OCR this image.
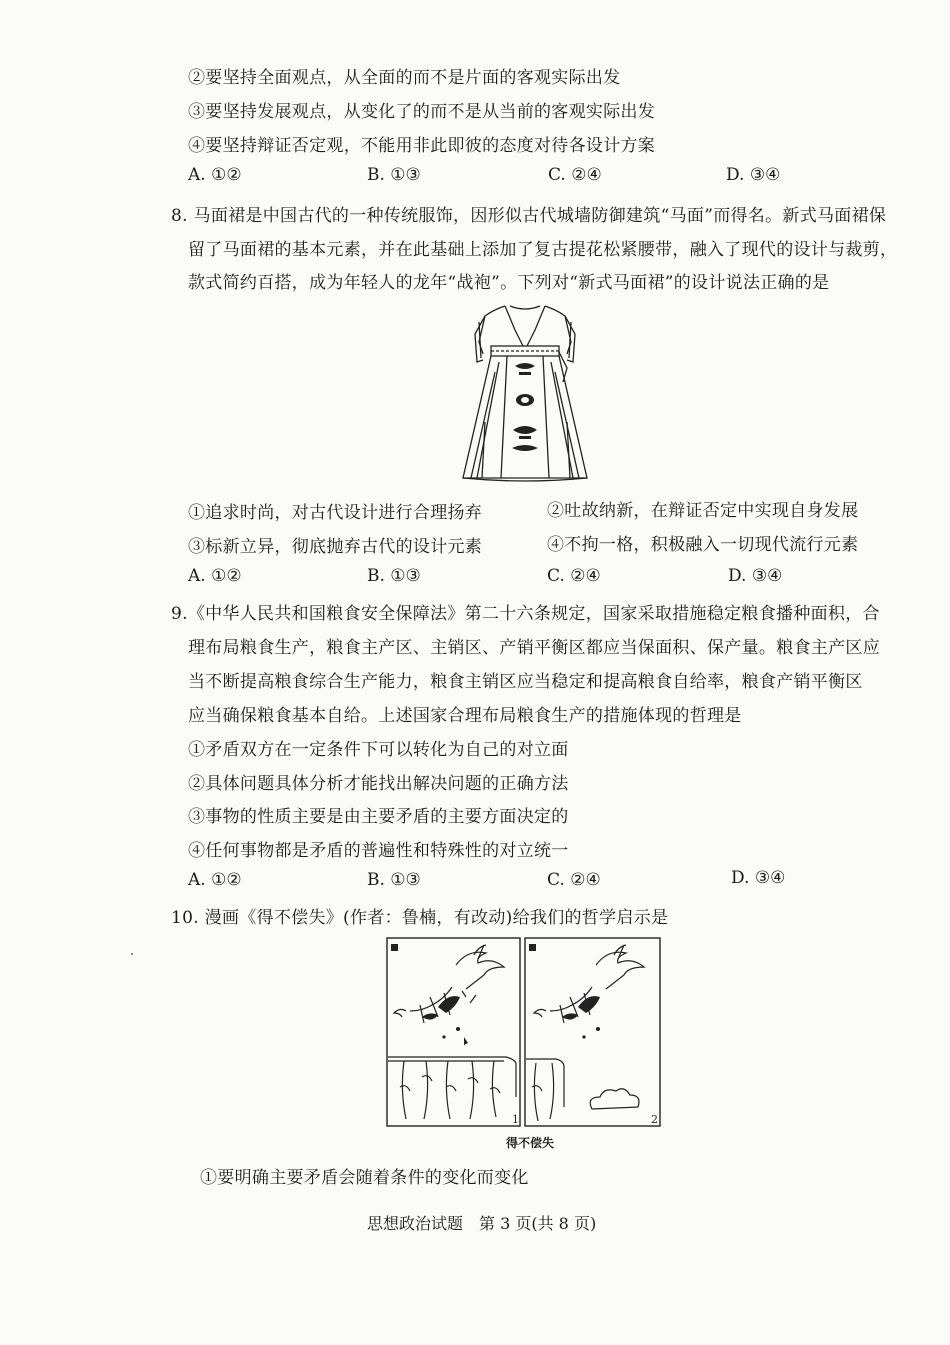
②要坚持全面观点，从全面的而不是片面的客观实际出发
③要坚持发展观点，从变化了的而不是从当前的客观实际出发
④要坚持辩证否定观，不能用非此即彼的态度对待各设计方案
A. ①②	B. ①③	C. ②④	D. ③④
8. 马面裙是中国古代的一种传统服饰，因形似古代城墙防御建筑“马面”而得名。新式马面裙保
留了马面裙的基本元素，并在此基础上添加了复古提花松紧腰带，融入了现代的设计与裁剪，
款式简约百搭，成为年轻人的龙年“战袍”。下列对“新式马面裙”的设计说法正确的是
①追求时尚，对古代设计进行合理扬弃	②吐故纳新，在辩证否定中实现自身发展
③标新立异，彻底抛弃古代的设计元素	④不拘一格，积极融入一切现代流行元素
A. ①②	B. ①③	C. ②④	D. ③④
9.《中华人民共和国粮食安全保障法》第二十六条规定，国家采取措施稳定粮食播种面积，合
理布局粮食生产，粮食主产区、主销区、产销平衡区都应当保面积、保产量。粮食主产区应
当不断提高粮食综合生产能力，粮食主销区应当稳定和提高粮食自给率，粮食产销平衡区
应当确保粮食基本自给。上述国家合理布局粮食生产的措施体现的哲理是
①矛盾双方在一定条件下可以转化为自己的对立面
②具体问题具体分析才能找出解决问题的正确方法
③事物的性质主要是由主要矛盾的主要方面决定的
④任何事物都是矛盾的普遍性和特殊性的对立统一
A. ①②	B. ①③	C. ②④	D. ③④
10. 漫画《得不偿失》(作者：鲁楠，有改动)给我们的哲学启示是
1	2
得不偿失
①要明确主要矛盾会随着条件的变化而变化
思想政治试题　第 3 页(共 8 页)
